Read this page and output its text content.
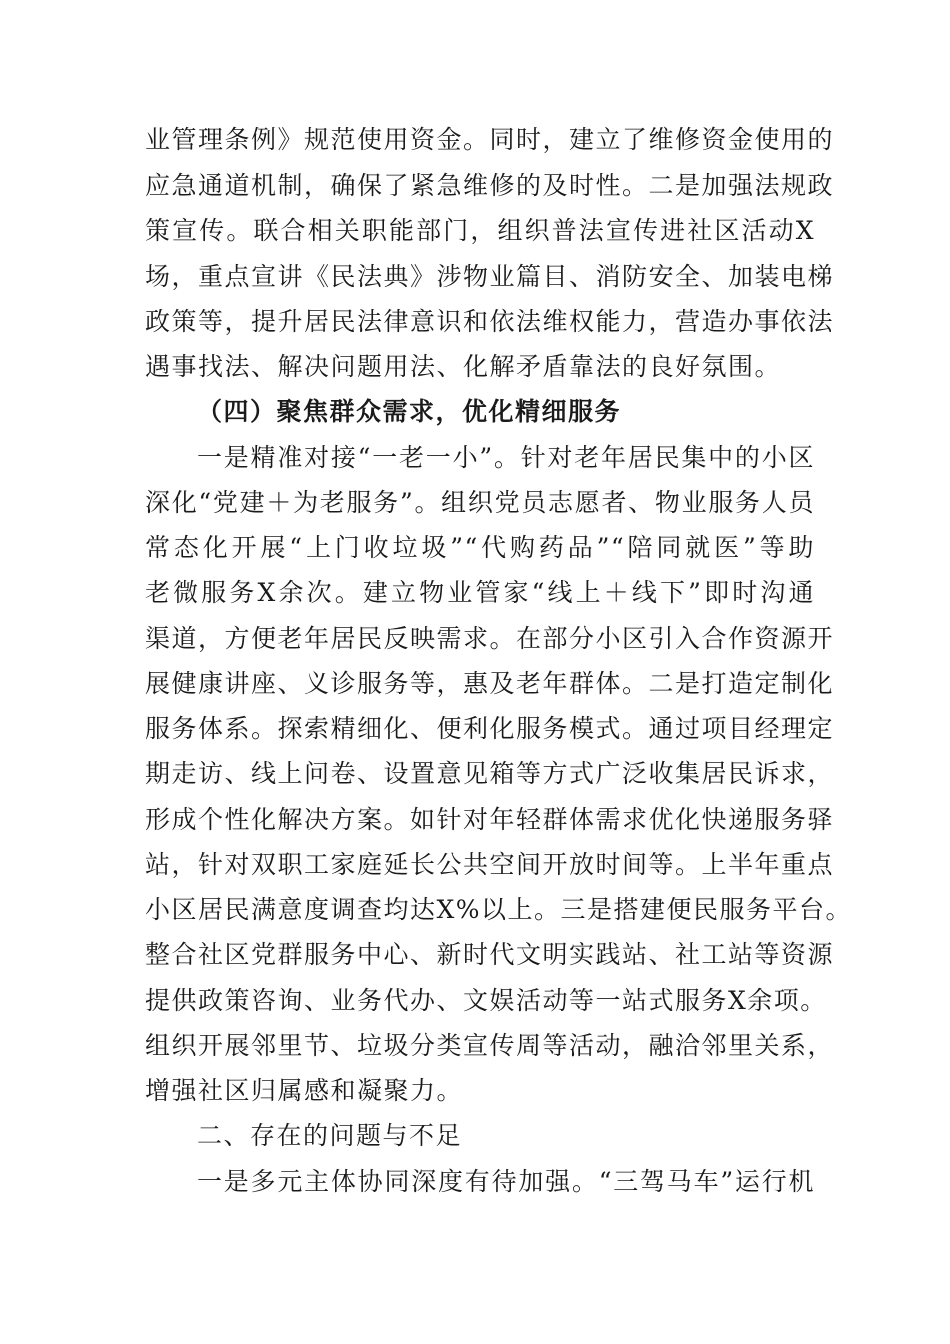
业管理条例》规范使用资金。同时，建立了维修资金使用的
应急通道机制，确保了紧急维修的及时性。二是加强法规政
策宣传。联合相关职能部门，组织普法宣传进社区活动X
场，重点宣讲《民法典》涉物业篇目、消防安全、加装电梯
政策等，提升居民法律意识和依法维权能力，营造办事依法
遇事找法、解决问题用法、化解矛盾靠法的良好氛围。
（四）聚焦群众需求，优化精细服务
一是精准对接“一老一小”。针对老年居民集中的小区
深化“党建＋为老服务”。组织党员志愿者、物业服务人员
常态化开展“上门收垃圾”“代购药品”“陪同就医”等助
老微服务X余次。建立物业管家“线上＋线下”即时沟通
渠道，方便老年居民反映需求。在部分小区引入合作资源开
展健康讲座、义诊服务等，惠及老年群体。二是打造定制化
服务体系。探索精细化、便利化服务模式。通过项目经理定
期走访、线上问卷、设置意见箱等方式广泛收集居民诉求，
形成个性化解决方案。如针对年轻群体需求优化快递服务驿
站，针对双职工家庭延长公共空间开放时间等。上半年重点
小区居民满意度调查均达X%以上。三是搭建便民服务平台。
整合社区党群服务中心、新时代文明实践站、社工站等资源
提供政策咨询、业务代办、文娱活动等一站式服务X余项。
组织开展邻里节、垃圾分类宣传周等活动，融洽邻里关系，
增强社区归属感和凝聚力。
二、存在的问题与不足
一是多元主体协同深度有待加强。“三驾马车”运行机
